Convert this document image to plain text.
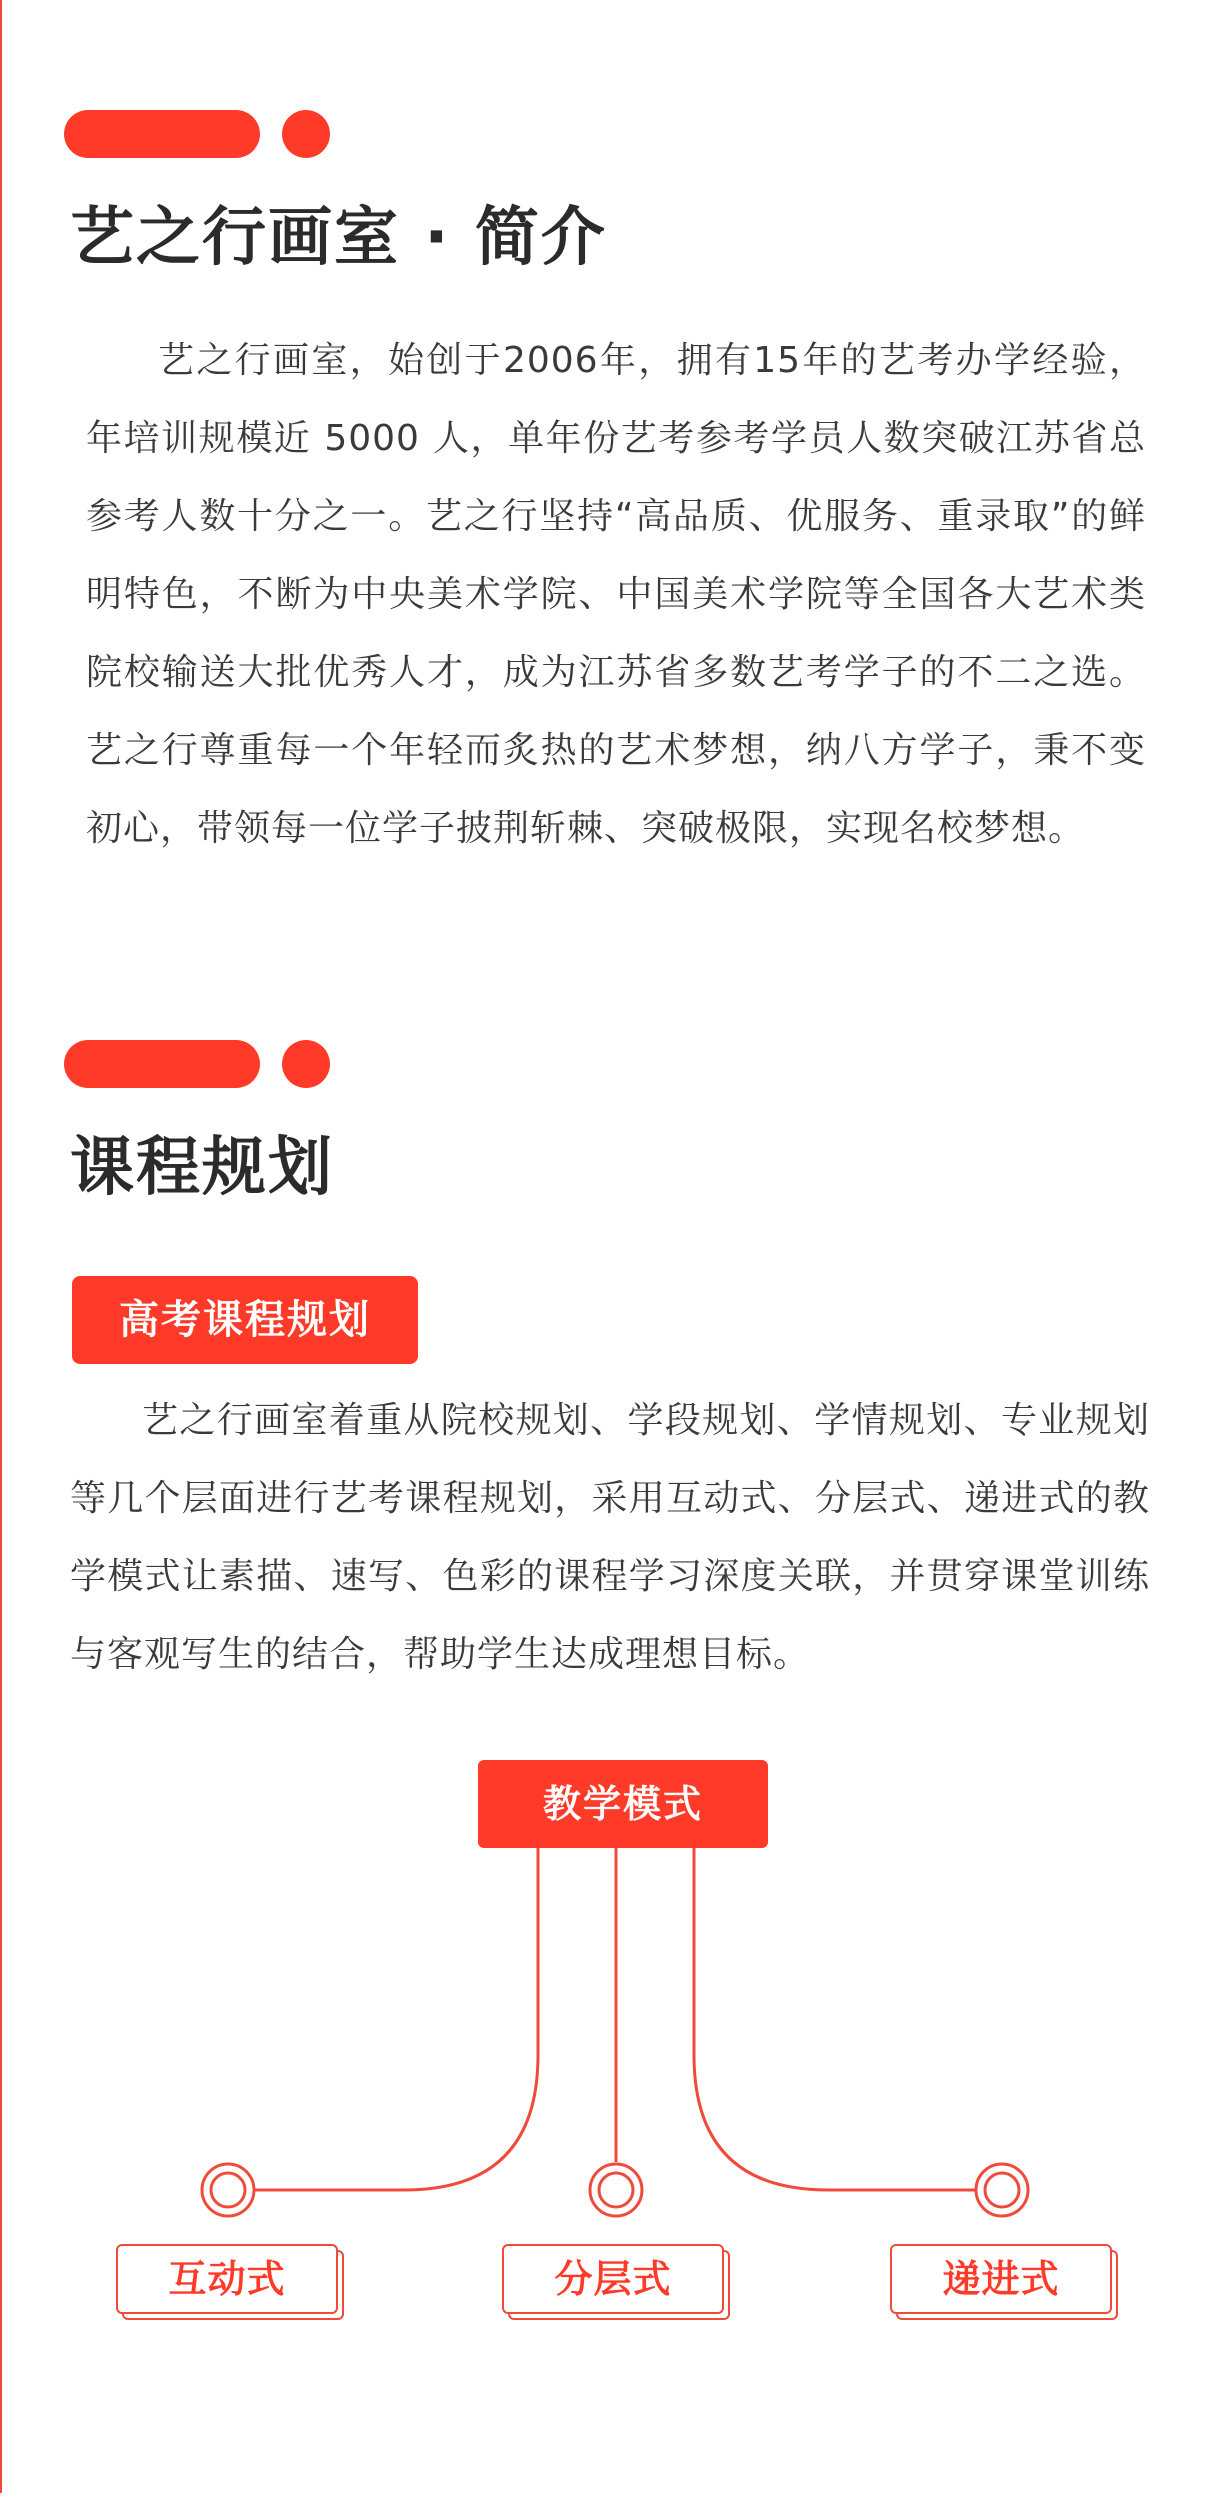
艺之行画室 · 简介

艺之行画室，始创于2006年，拥有15年的艺考办学经验，年培训规模近 5000 人，单年份艺考参考学员人数突破江苏省总参考人数十分之一。艺之行坚持“高品质、优服务、重录取”的鲜明特色，不断为中央美术学院、中国美术学院等全国各大艺术类院校输送大批优秀人才，成为江苏省多数艺考学子的不二之选。艺之行尊重每一个年轻而炙热的艺术梦想，纳八方学子，秉不变初心，带领每一位学子披荆斩棘、突破极限，实现名校梦想。

课程规划
高考课程规划

艺之行画室着重从院校规划、学段规划、学情规划、专业规划等几个层面进行艺考课程规划，采用互动式、分层式、递进式的教学模式让素描、速写、色彩的课程学习深度关联，并贯穿课堂训练与客观写生的结合，帮助学生达成理想目标。

教学模式
互动式	分层式	递进式
